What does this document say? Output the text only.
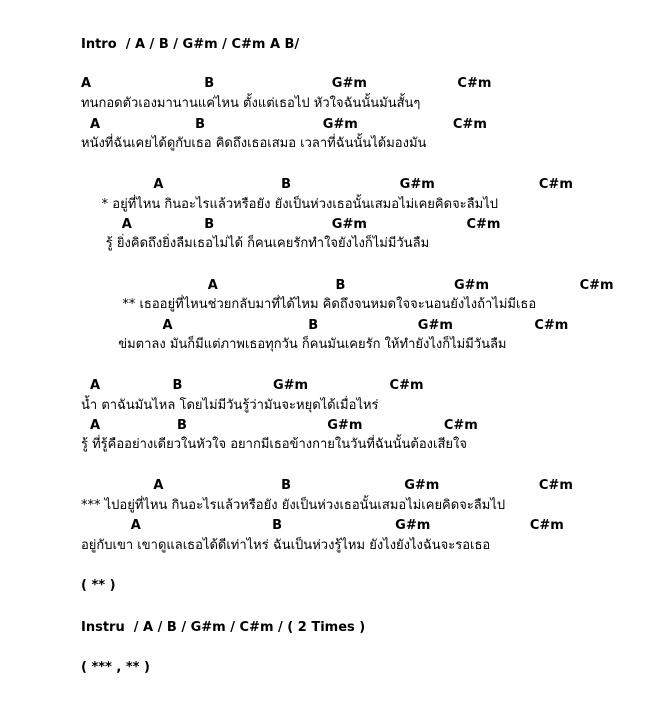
Intro  / A / B / G#m / C#m A B/
A                         B                          G#m                    C#m
ทนกอดตัวเองมานานแค่ไหน ตั้งแต่เธอไป หัวใจฉันนั้นมันสั้นๆ
A                     B                          G#m                     C#m
หนังที่ฉันเคยได้ดูกับเธอ คิดถึงเธอเสมอ เวลาที่ฉันนั้นได้มองมัน
A                          B                        G#m                       C#m
* อยู่ที่ไหน กินอะไรแล้วหรือยัง ยังเป็นห่วงเธอนั้นเสมอไม่เคยคิดจะลืมไป
A                B                          G#m                      C#m
รู้ ยิ่งคิดถึงยิ่งลืมเธอไม่ได้ ก็คนเคยรักทำใจยังไงก็ไม่มีวันลืม
A                          B                        G#m                    C#m
** เธออยู่ที่ไหนช่วยกลับมาที่ได้ไหม คิดถึงจนหมดใจจะนอนยังไงถ้าไม่มีเธอ
A                              B                      G#m                  C#m
ข่มตาลง มันก็มีแต่ภาพเธอทุกวัน ก็คนมันเคยรัก ให้ทำยังไงก็ไม่มีวันลืม
A                B                    G#m                  C#m
น้ำ ตาฉันมันไหล โดยไม่มีวันรู้ว่ามันจะหยุดได้เมื่อไหร่
A                 B                               G#m                  C#m
รู้ ที่รู้คืออย่างเดียวในหัวใจ อยากมีเธอข้างกายในวันที่ฉันนั้นต้องเสียใจ
A                          B                         G#m                      C#m
*** ไปอยู่ที่ไหน กินอะไรแล้วหรือยัง ยังเป็นห่วงเธอนั้นเสมอไม่เคยคิดจะลืมไป
A                             B                         G#m                      C#m
อยู่กับเขา เขาดูแลเธอได้ดีเท่าไหร่ ฉันเป็นห่วงรู้ไหม ยังไงยังไงฉันจะรอเธอ
( ** )
Instru  / A / B / G#m / C#m / ( 2 Times )
( *** , ** )
